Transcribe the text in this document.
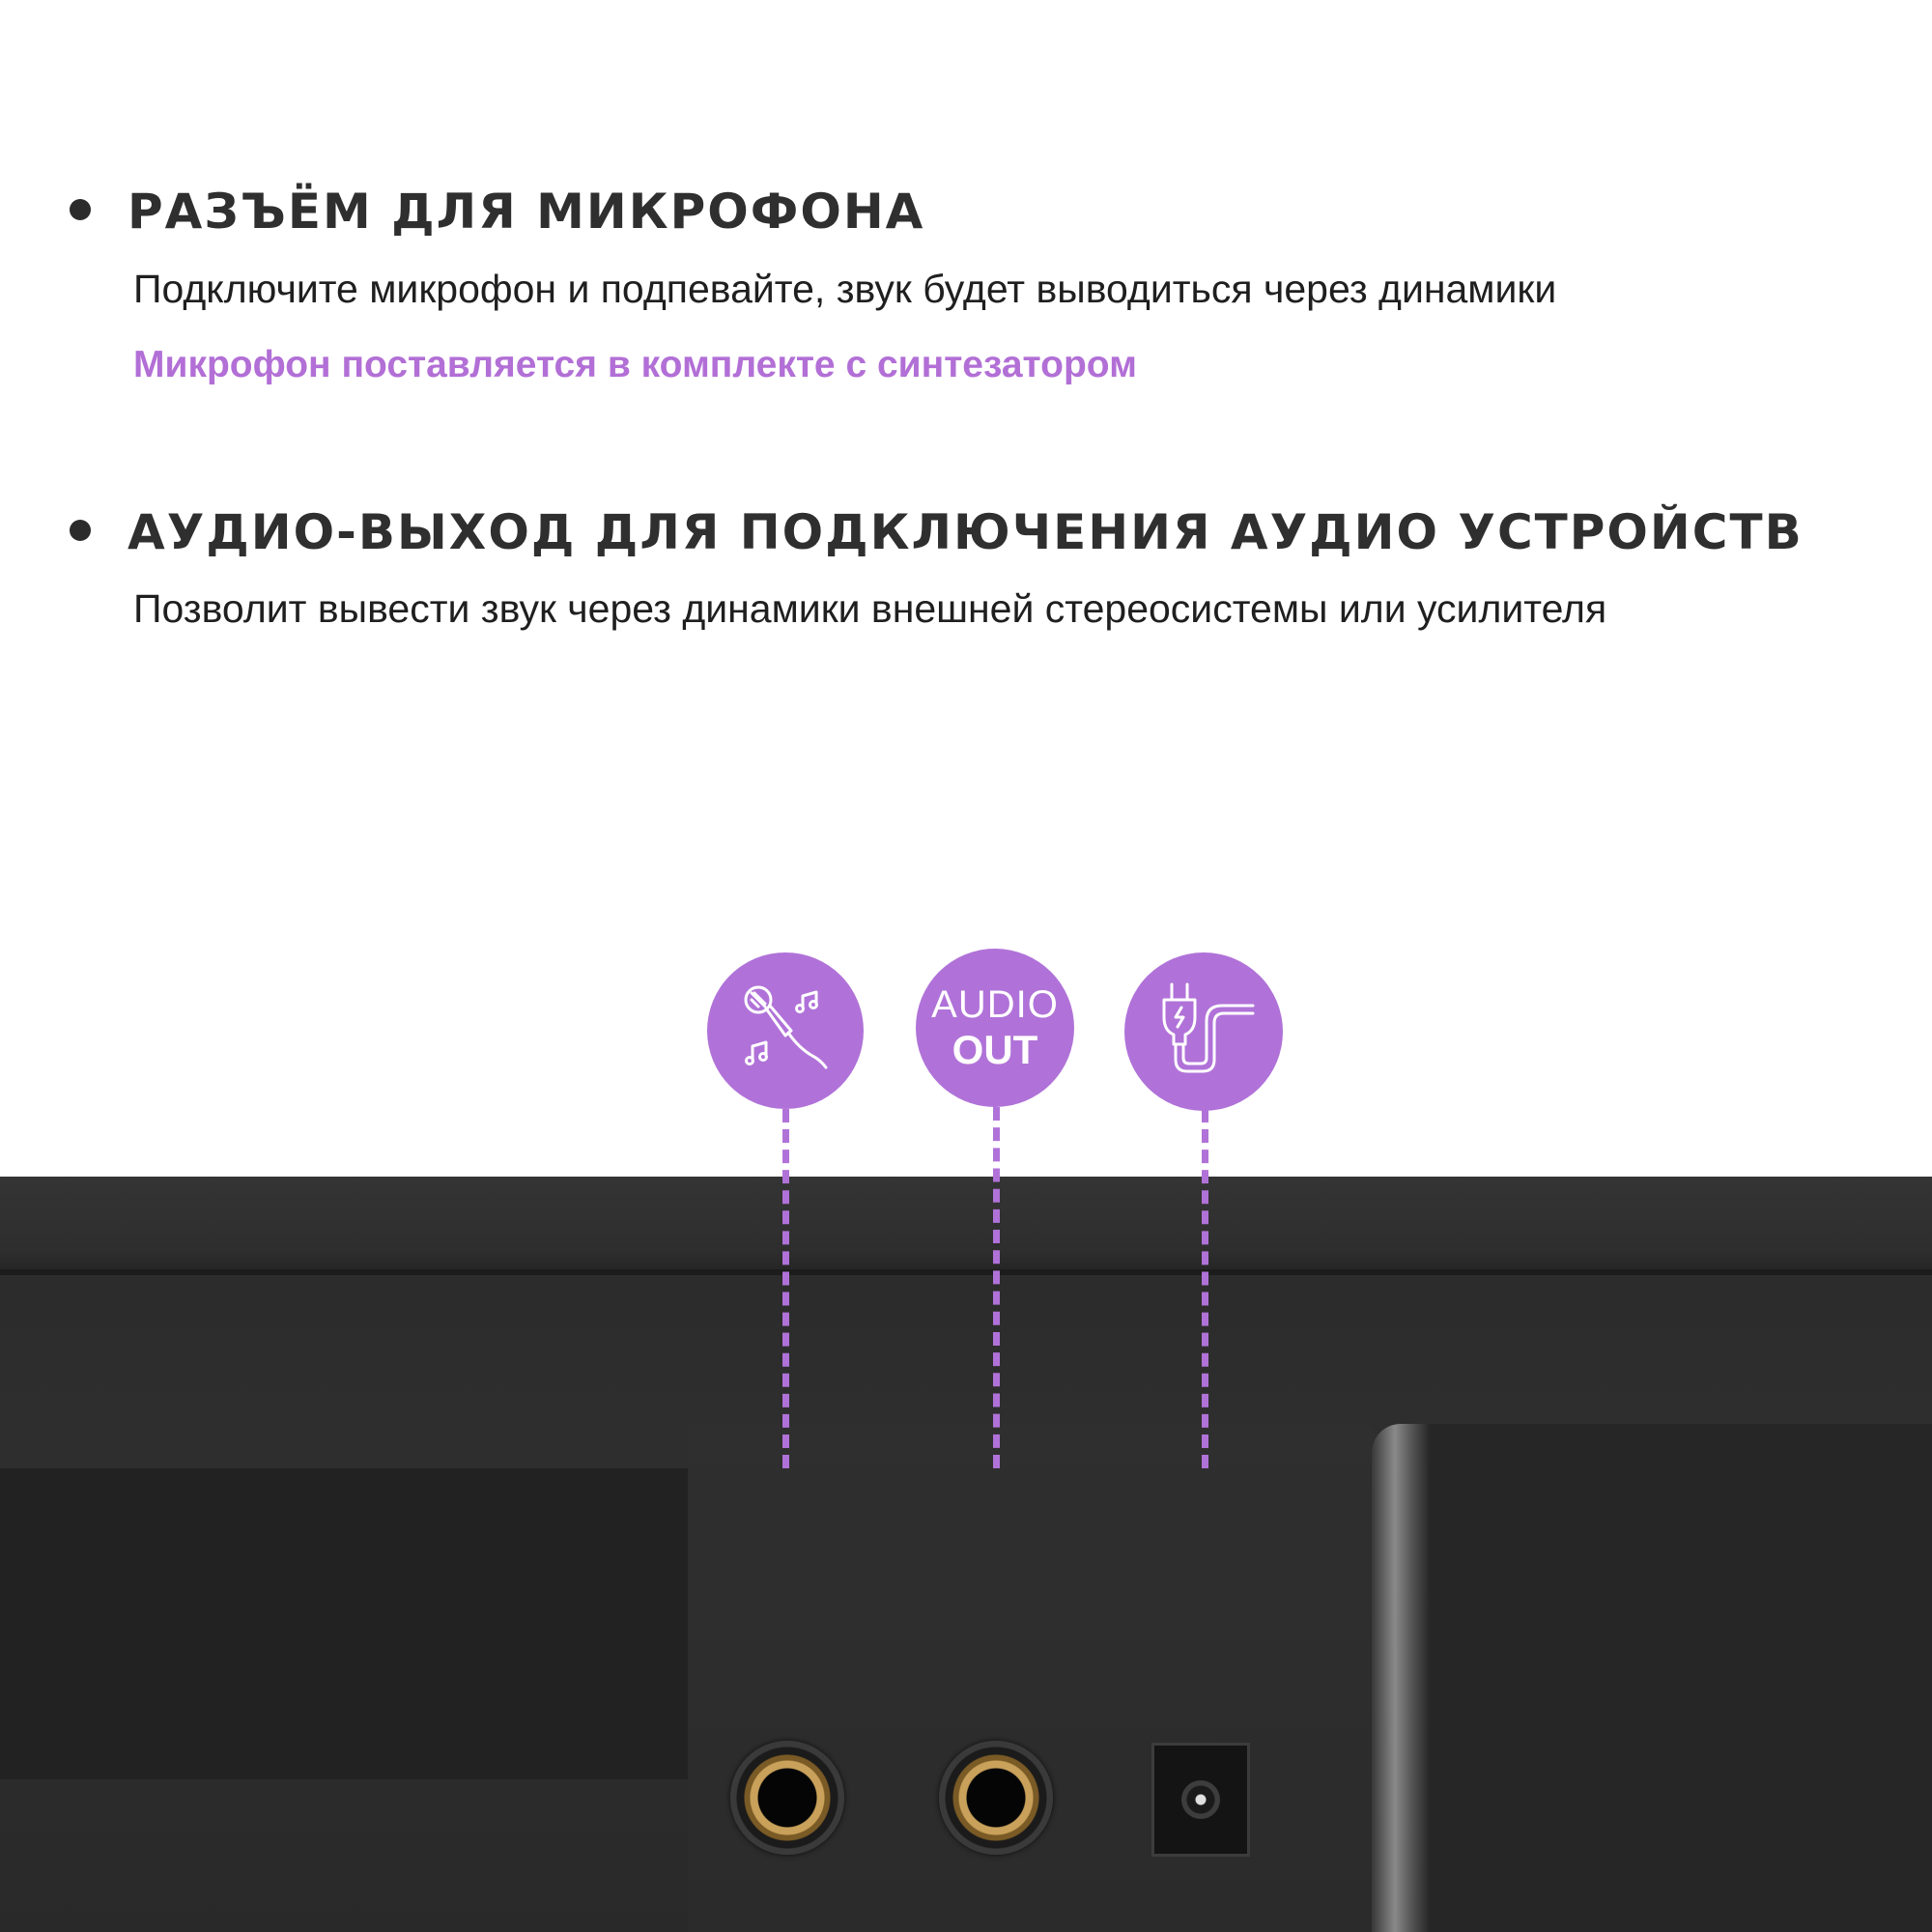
РАЗЪЁМ ДЛЯ МИКРОФОНА

Подключите микрофон и подпевайте, звук будет выводиться через динамики

Микрофон поставляется в комплекте с синтезатором

АУДИО-ВЫХОД ДЛЯ ПОДКЛЮЧЕНИЯ АУДИО УСТРОЙСТВ

Позволит вывести звук через динамики внешней стереосистемы или усилителя

AUDIO
OUT
